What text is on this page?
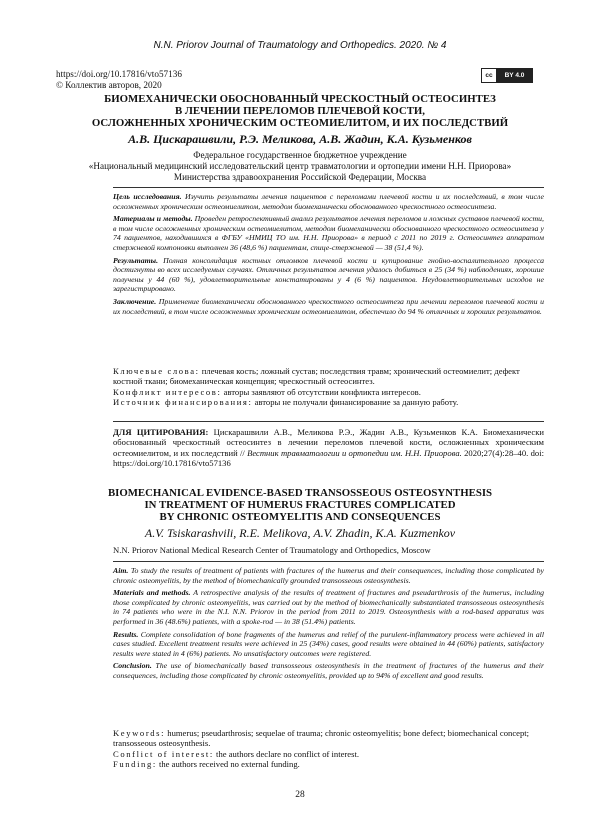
N.N. Priorov Journal of Traumatology and Orthopedics. 2020. № 4
https://doi.org/10.17816/vto57136
© Коллектив авторов, 2020
cc	BY 4.0
БИОМЕХАНИЧЕСКИ ОБОСНОВАННЫЙ ЧРЕСКОСТНЫЙ ОСТЕОСИНТЕЗ
В ЛЕЧЕНИИ ПЕРЕЛОМОВ ПЛЕЧЕВОЙ КОСТИ,
ОСЛОЖНЕННЫХ ХРОНИЧЕСКИМ ОСТЕОМИЕЛИТОМ, И ИХ ПОСЛЕДСТВИЙ
А.В. Цискарашвили, Р.Э. Меликова, А.В. Жадин, К.А. Кузьменков
Федеральное государственное бюджетное учреждение
«Национальный медицинский исследовательский центр травматологии и ортопедии имени Н.Н. Приорова»
Министерства здравоохранения Российской Федерации, Москва

Цель исследования. Изучить результаты лечения пациентов с переломами плечевой кости и их последствий, в том числе осложненных хроническим остеомиелитом, методом биомеханически обоснованного чрескостного остеосинтеза.

Материалы и методы. Проведен ретроспективный анализ результатов лечения переломов и ложных суставов плечевой кости, в том числе осложненных хроническим остеомиелитом, методом биомеханически обоснованного чрескостного остеосинтеза у 74 пациентов, находившихся в ФГБУ «НМИЦ ТО им. Н.Н. Приорова» в период с 2011 по 2019 г. Остеосинтез аппаратом стержневой компоновки выполнен 36 (48,6 %) пациентам, спице-стержневой — 38 (51,4 %).

Результаты. Полная консолидация костных отломков плечевой кости и купирование гнойно-воспалительного процесса достигнуты во всех исследуемых случаях. Отличных результатов лечения удалось добиться в 25 (34 %) наблюдениях, хорошие получены у 44 (60 %), удовлетворительные констатированы у 4 (6 %) пациентов. Неудовлетворительных исходов не зарегистрировано.

Заключение. Применение биомеханически обоснованного чрескостного остеосинтеза при лечении переломов плечевой кости и их последствий, в том числе осложненных хроническим остеомиелитом, обеспечило до 94 % отличных и хороших результатов.

Ключевые слова: плечевая кость; ложный сустав; последствия травм; хронический остеомиелит; дефект костной ткани; биомеханическая концепция; чрескостный остеосинтез.

Конфликт интересов: авторы заявляют об отсутствии конфликта интересов.

Источник финансирования: авторы не получали финансирование за данную работу.

ДЛЯ ЦИТИРОВАНИЯ: Цискарашвили А.В., Меликова Р.Э., Жадин А.В., Кузьменков К.А. Биомеханически обоснованный чрескостный остеосинтез в лечении переломов плечевой кости, осложненных хроническим остеомиелитом, и их последствий // Вестник травматологии и ортопедии им. Н.Н. Приорова. 2020;27(4):28–40. doi: https://doi.org/10.17816/vto57136
BIOMECHANICAL EVIDENCE-BASED TRANSOSSEOUS OSTEOSYNTHESIS
IN TREATMENT OF HUMERUS FRACTURES COMPLICATED
BY CHRONIC OSTEOMYELITIS AND CONSEQUENCES
A.V. Tsiskarashvili, R.E. Melikova, A.V. Zhadin, K.A. Kuzmenkov
N.N. Priorov National Medical Research Center of Traumatology and Orthopedics, Moscow

Aim. To study the results of treatment of patients with fractures of the humerus and their consequences, including those complicated by chronic osteomyelitis, by the method of biomechanically grounded transosseous osteosynthesis.

Materials and methods. A retrospective analysis of the results of treatment of fractures and pseudarthrosis of the humerus, including those complicated by chronic osteomyelitis, was carried out by the method of biomechanically substantiated transosseous osteosynthesis in 74 patients who were in the N.I. N.N. Priorov in the period from 2011 to 2019. Osteosynthesis with a rod-based apparatus was performed in 36 (48.6%) patients, with a spoke-rod — in 38 (51.4%) patients.

Results. Complete consolidation of bone fragments of the humerus and relief of the purulent-inflammatory process were achieved in all cases studied. Excellent treatment results were achieved in 25 (34%) cases, good results were obtained in 44 (60%) patients, satisfactory results were stated in 4 (6%) patients. No unsatisfactory outcomes were registered.

Conclusion. The use of biomechanically based transosseous osteosynthesis in the treatment of fractures of the humerus and their consequences, including those complicated by chronic osteomyelitis, provided up to 94% of excellent and good results.

Keywords: humerus; pseudarthrosis; sequelae of trauma; chronic osteomyelitis; bone defect; biomechanical concept; transosseous osteosynthesis.

Conflict of interest: the authors declare no conflict of interest.

Funding: the authors received no external funding.

28
